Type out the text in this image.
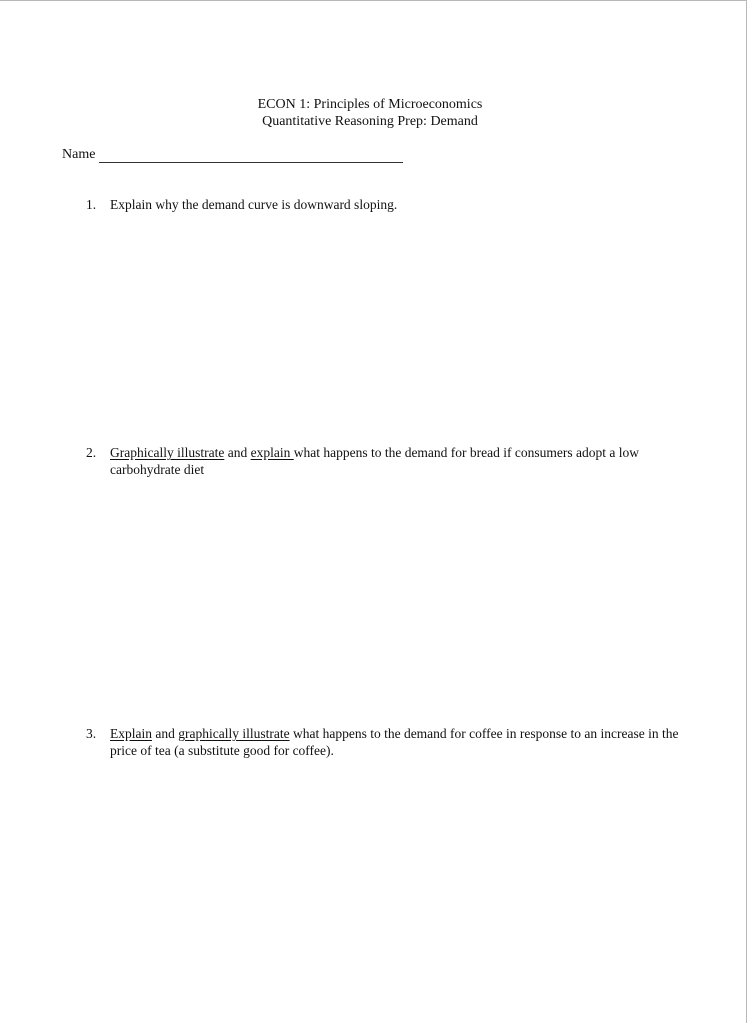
ECON 1: Principles of Microeconomics
Quantitative Reasoning Prep: Demand
Name
1.	Explain why the demand curve is downward sloping.
2.	Graphically illustrate and explain what happens to the demand for bread if consumers adopt a low carbohydrate diet
3.	Explain and graphically illustrate what happens to the demand for coffee in response to an increase in the price of tea (a substitute good for coffee).
